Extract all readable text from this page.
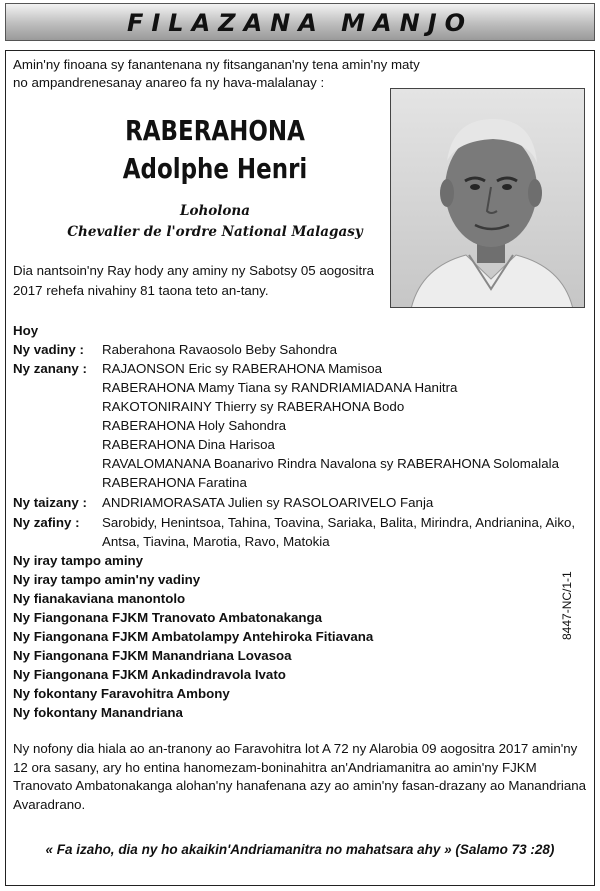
FILAZANA MANJO
Amin'ny finoana sy fanantenana ny fitsanganan'ny tena amin'ny maty no ampandrenesanay anareo fa ny hava-malalanay :
RABERAHONA
Adolphe Henri
Loholona
Chevalier de l'ordre National Malagasy
Dia nantsoin'ny Ray hody any aminy ny Sabotsy 05 aogositra
2017 rehefa nivahiny 81 taona teto an-tany.
Hoy
Ny vadiny : Raberahona Ravaosolo Beby Sahondra
Ny zanany : RAJAONSON Eric sy RABERAHONA Mamisoa
RABERAHONA Mamy Tiana sy RANDRIAMIADANA Hanitra
RAKOTONIRAINY Thierry sy RABERAHONA Bodo
RABERAHONA Holy Sahondra
RABERAHONA Dina Harisoa
RAVALOMANANA Boanarivo Rindra Navalona sy RABERAHONA Solomalala
RABERAHONA Faratina
Ny taizany : ANDRIAMORASATA Julien sy RASOLOARIVELO Fanja
Ny zafiny : Sarobidy, Henintsoa, Tahina, Toavina, Sariaka, Balita, Mirindra, Andrianina, Aiko,
Antsa, Tiavina, Marotia, Ravo, Matokia
Ny iray tampo aminy
Ny iray tampo amin'ny vadiny
Ny fianakaviana manontolo
Ny Fiangonana FJKM Tranovato Ambatonakanga
Ny Fiangonana FJKM Ambatolampy Antehiroka Fitiavana
Ny Fiangonana FJKM Manandriana Lovasoa
Ny Fiangonana FJKM Ankadindravola Ivato
Ny fokontany Faravohitra Ambony
Ny fokontany Manandriana
8447-NC/1-1
Ny nofony dia hiala ao an-tranony ao Faravohitra lot A 72 ny Alarobia 09 aogositra 2017 amin'ny 12 ora sasany, ary ho entina hanomezam-boninahitra an'Andriamanitra ao amin'ny FJKM Tranovato Ambatonakanga alohan'ny hanafenana azy ao amin'ny fasan-drazany ao Manandriana Avaradrano.
« Fa izaho, dia ny ho akaikin'Andriamanitra no mahatsara ahy » (Salamo 73 :28)
